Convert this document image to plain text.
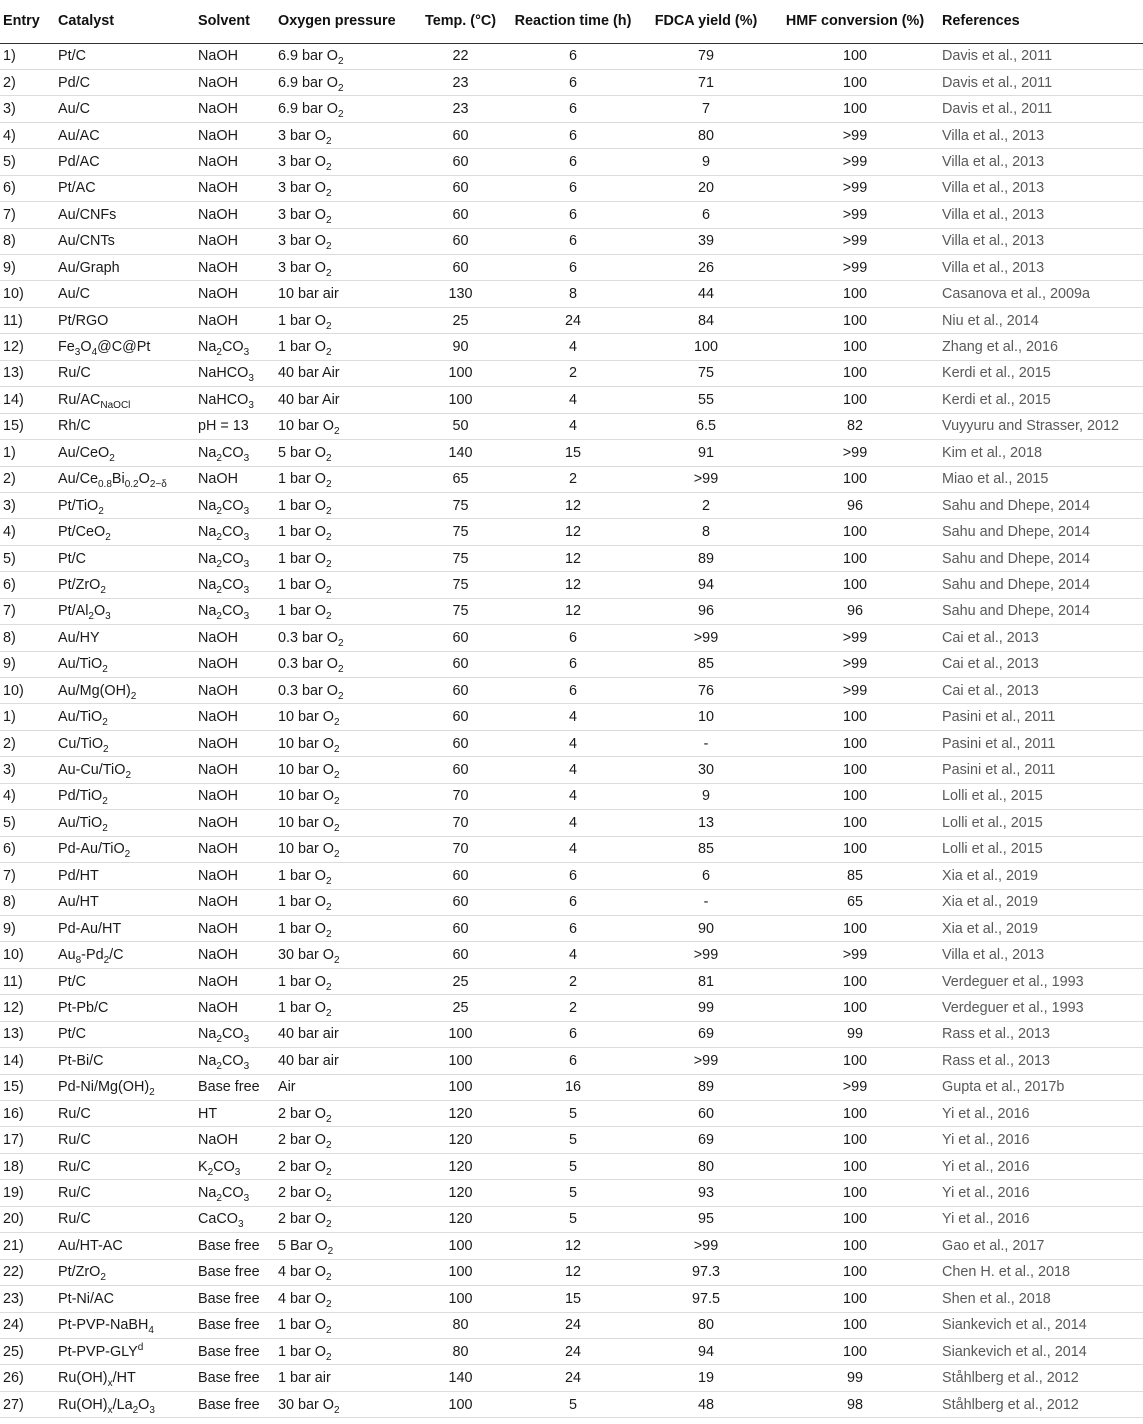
Entry	Catalyst	Solvent	Oxygen pressure	Temp. (°C)	Reaction time (h)	FDCA yield (%)	HMF conversion (%)	References
1)	Pt/C	NaOH	6.9 bar $O_2$	22	6	79	100	Davis et al., 2011
2)	Pd/C	NaOH	6.9 bar $O_2$	23	6	71	100	Davis et al., 2011
3)	Au/C	NaOH	6.9 bar $O_2$	23	6	7	100	Davis et al., 2011
4)	Au/AC	NaOH	3 bar $O_2$	60	6	80	>99	Villa et al., 2013
5)	Pd/AC	NaOH	3 bar $O_2$	60	6	9	>99	Villa et al., 2013
6)	Pt/AC	NaOH	3 bar $O_2$	60	6	20	>99	Villa et al., 2013
7)	Au/CNFs	NaOH	3 bar $O_2$	60	6	6	>99	Villa et al., 2013
8)	Au/CNTs	NaOH	3 bar $O_2$	60	6	39	>99	Villa et al., 2013
9)	Au/Graph	NaOH	3 bar $O_2$	60	6	26	>99	Villa et al., 2013
10)	Au/C	NaOH	10 bar air	130	8	44	100	Casanova et al., 2009a
11)	Pt/RGO	NaOH	1 bar $O_2$	25	24	84	100	Niu et al., 2014
12)	$Fe_3O_4@C@Pt$	$Na_2CO_3$	1 bar $O_2$	90	4	100	100	Zhang et al., 2016
13)	Ru/C	NaHCO$_3$	40 bar Air	100	2	75	100	Kerdi et al., 2015
14)	$Ru/AC_{NaOCl}$	NaHCO$_3$	40 bar Air	100	4	55	100	Kerdi et al., 2015
15)	Rh/C	pH = 13	10 bar $O_2$	50	4	6.5	82	Vuyyuru and Strasser, 2012
1)	Au/CeO$_2$	$Na_2CO_3$	5 bar $O_2$	140	15	91	>99	Kim et al., 2018
2)	$Au/Ce_{0.8}Bi_{0.2}O_{2-\delta}$	NaOH	1 bar $O_2$	65	2	>99	100	Miao et al., 2015
3)	Pt/TiO$_2$	$Na_2CO_3$	1 bar $O_2$	75	12	2	96	Sahu and Dhepe, 2014
4)	Pt/CeO$_2$	$Na_2CO_3$	1 bar $O_2$	75	12	8	100	Sahu and Dhepe, 2014
5)	Pt/C	$Na_2CO_3$	1 bar $O_2$	75	12	89	100	Sahu and Dhepe, 2014
6)	Pt/ZrO$_2$	$Na_2CO_3$	1 bar $O_2$	75	12	94	100	Sahu and Dhepe, 2014
7)	$Pt/Al_2O_3$	$Na_2CO_3$	1 bar $O_2$	75	12	96	96	Sahu and Dhepe, 2014
8)	Au/HY	NaOH	0.3 bar $O_2$	60	6	>99	>99	Cai et al., 2013
9)	Au/TiO$_2$	NaOH	0.3 bar $O_2$	60	6	85	>99	Cai et al., 2013
10)	$Au/Mg(OH)_2$	NaOH	0.3 bar $O_2$	60	6	76	>99	Cai et al., 2013
1)	Au/TiO$_2$	NaOH	10 bar $O_2$	60	4	10	100	Pasini et al., 2011
2)	Cu/TiO$_2$	NaOH	10 bar $O_2$	60	4	-	100	Pasini et al., 2011
3)	Au-Cu/TiO$_2$	NaOH	10 bar $O_2$	60	4	30	100	Pasini et al., 2011
4)	Pd/TiO$_2$	NaOH	10 bar $O_2$	70	4	9	100	Lolli et al., 2015
5)	Au/TiO$_2$	NaOH	10 bar $O_2$	70	4	13	100	Lolli et al., 2015
6)	Pd-Au/TiO$_2$	NaOH	10 bar $O_2$	70	4	85	100	Lolli et al., 2015
7)	Pd/HT	NaOH	1 bar $O_2$	60	6	6	85	Xia et al., 2019
8)	Au/HT	NaOH	1 bar $O_2$	60	6	-	65	Xia et al., 2019
9)	Pd-Au/HT	NaOH	1 bar $O_2$	60	6	90	100	Xia et al., 2019
10)	$Au_8-Pd_2/C$	NaOH	30 bar $O_2$	60	4	>99	>99	Villa et al., 2013
11)	Pt/C	NaOH	1 bar $O_2$	25	2	81	100	Verdeguer et al., 1993
12)	Pt-Pb/C	NaOH	1 bar $O_2$	25	2	99	100	Verdeguer et al., 1993
13)	Pt/C	$Na_2CO_3$	40 bar air	100	6	69	99	Rass et al., 2013
14)	Pt-Bi/C	$Na_2CO_3$	40 bar air	100	6	>99	100	Rass et al., 2013
15)	$Pd-Ni/Mg(OH)_2$	Base free	Air	100	16	89	>99	Gupta et al., 2017b
16)	Ru/C	HT	2 bar $O_2$	120	5	60	100	Yi et al., 2016
17)	Ru/C	NaOH	2 bar $O_2$	120	5	69	100	Yi et al., 2016
18)	Ru/C	$K_2CO_3$	2 bar $O_2$	120	5	80	100	Yi et al., 2016
19)	Ru/C	$Na_2CO_3$	2 bar $O_2$	120	5	93	100	Yi et al., 2016
20)	Ru/C	CaCO$_3$	2 bar $O_2$	120	5	95	100	Yi et al., 2016
21)	Au/HT-AC	Base free	5 Bar $O_2$	100	12	>99	100	Gao et al., 2017
22)	Pt/ZrO$_2$	Base free	4 bar $O_2$	100	12	97.3	100	Chen H. et al., 2018
23)	Pt-Ni/AC	Base free	4 bar $O_2$	100	15	97.5	100	Shen et al., 2018
24)	Pt-PVP-NaBH$_4$	Base free	1 bar $O_2$	80	24	80	100	Siankevich et al., 2014
25)	Pt-PVP-GLY$^d$	Base free	1 bar $O_2$	80	24	94	100	Siankevich et al., 2014
26)	$Ru(OH)_x/HT$	Base free	1 bar air	140	24	19	99	Ståhlberg et al., 2012
27)	$Ru(OH)_x/La_2O_3$	Base free	30 bar $O_2$	100	5	48	98	Ståhlberg et al., 2012
